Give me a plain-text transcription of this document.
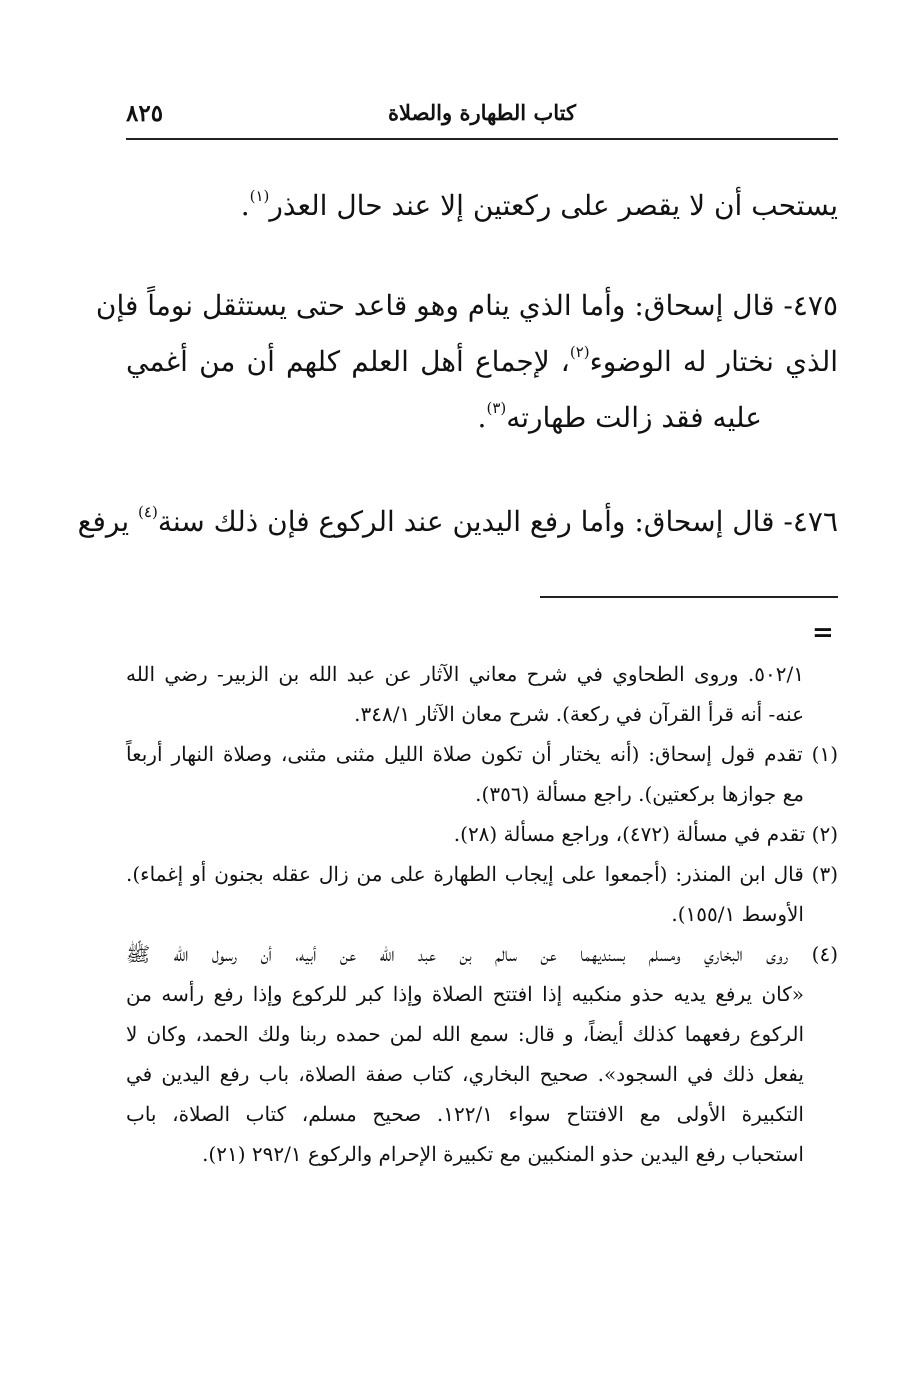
كتاب الطهارة والصلاة
٨٢٥
يستحب أن لا يقصر على ركعتين إلا عند حال العذر$^{(١)}$.
٤٧٥- قال إسحاق: وأما الذي ينام وهو قاعد حتى يستثقل نوماً فإن
الذي نختار له الوضوء$^{(٢)}$، لإجماع أهل العلم كلهم أن من أغمي
عليه فقد زالت طهارته$^{(٣)}$.
٤٧٦- قال إسحاق: وأما رفع اليدين عند الركوع فإن ذلك سنة$^{(٤)}$ يرفع
=
٥٠٢/١. وروى الطحاوي في شرح معاني الآثار عن عبد الله بن الزبير- رضي الله
عنه- أنه قرأ القرآن في ركعة). شرح معان الآثار ٣٤٨/١.
(١) تقدم قول إسحاق: (أنه يختار أن تكون صلاة الليل مثنى مثنى، وصلاة النهار أربعاً
مع جوازها بركعتين). راجع مسألة (٣٥٦).
(٢) تقدم في مسألة (٤٧٢)، وراجع مسألة (٢٨).
(٣) قال ابن المنذر: (أجمعوا على إيجاب الطهارة على من زال عقله بجنون أو إغماء).
الأوسط ١٥٥/١).
(٤) روى البخاري ومسلم بسنديهما عن سالم بن عبد الله عن أبيه، أن رسول الله ﷺ
«كان يرفع يديه حذو منكبيه إذا افتتح الصلاة وإذا كبر للركوع وإذا رفع رأسه من
الركوع رفعهما كذلك أيضاً، و قال: سمع الله لمن حمده ربنا ولك الحمد، وكان لا
يفعل ذلك في السجود». صحيح البخاري، كتاب صفة الصلاة، باب رفع اليدين في
التكبيرة الأولى مع الافتتاح سواء ١٢٢/١. صحيح مسلم، كتاب الصلاة، باب
استحباب رفع اليدين حذو المنكبين مع تكبيرة الإحرام والركوع ٢٩٢/١ (٢١).
